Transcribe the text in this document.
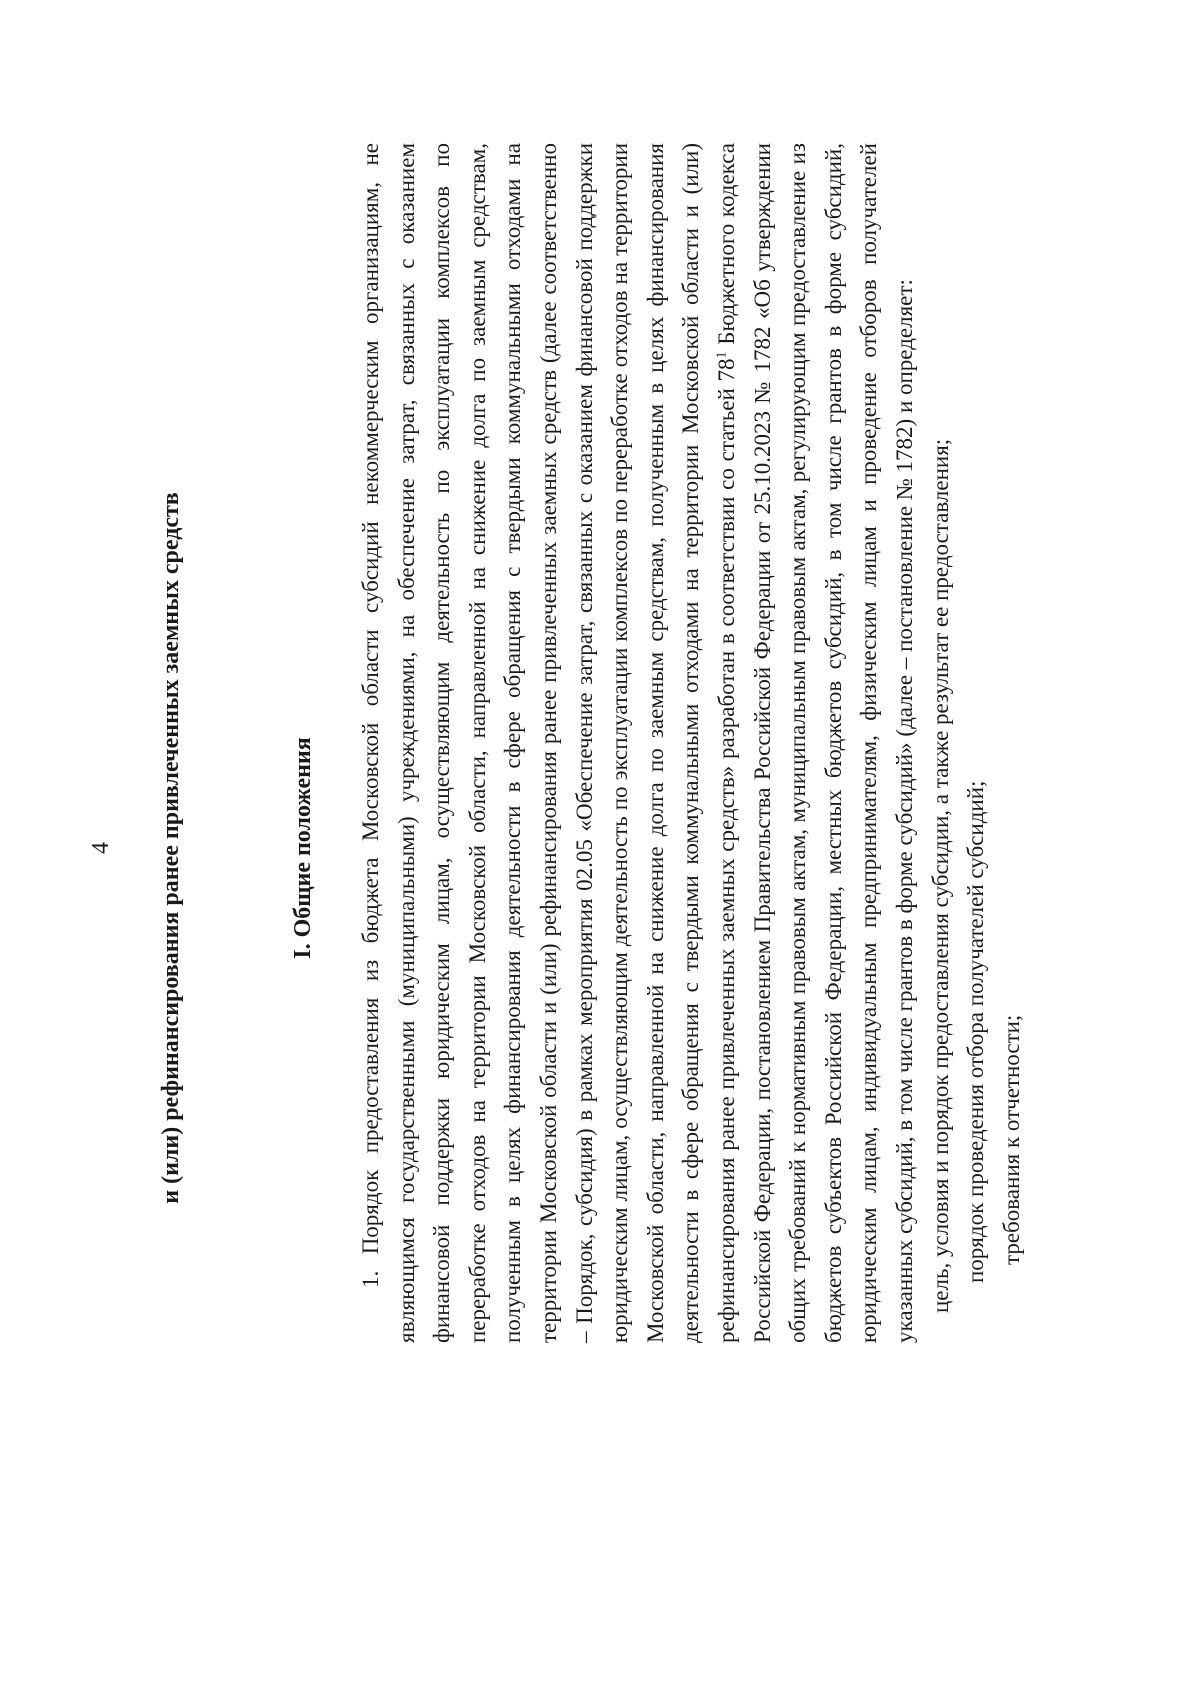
4 и (или) рефинансирования ранее привлеченных заемных средств	I. Общие положения 1. Порядок предоставления из бюджета Московской области субсидий некоммерческим организациям, не являющимся государственными (муниципальными) учреждениями, на обеспечение затрат, связанных с оказанием финансовой поддержки юридическим лицам, осуществляющим деятельность по эксплуатации комплексов по переработке отходов на территории Московской области, направленной на снижение долга по заемным средствам, полученным в целях финансирования деятельности в сфере обращения с твердыми коммунальными отходами на территории Московской области и (или) рефинансирования ранее привлеченных заемных средств (далее соответственно – Порядок, субсидия) в рамках мероприятия 02.05 «Обеспечение затрат, связанных с оказанием финансовой поддержки юридическим лицам, осуществляющим деятельность по эксплуатации комплексов по переработке отходов на территории Московской области, направленной на снижение долга по заемным средствам, полученным в целях финансирования деятельности в сфере обращения с твердыми коммунальными отходами на территории Московской области и (или) рефинансирования ранее привлеченных заемных средств» разработан в соответствии со статьей $78^1$ Бюджетного кодекса Российской Федерации, постановлением Правительства Российской Федерации от 25.10.2023 № 1782 «Об утверждении общих требований к нормативным правовым актам, муниципальным правовым актам, регулирующим предоставление из бюджетов субъектов Российской Федерации, местных бюджетов субсидий, в том числе грантов в форме субсидий, юридическим лицам, индивидуальным предпринимателям, физическим лицам и проведение отборов получателей указанных субсидий, в том числе грантов в форме субсидий» (далее – постановление № 1782) и определяет: цель, условия и порядок предоставления субсидии, а также результат ее предоставления; порядок проведения отбора получателей субсидий; требования к отчетности;
